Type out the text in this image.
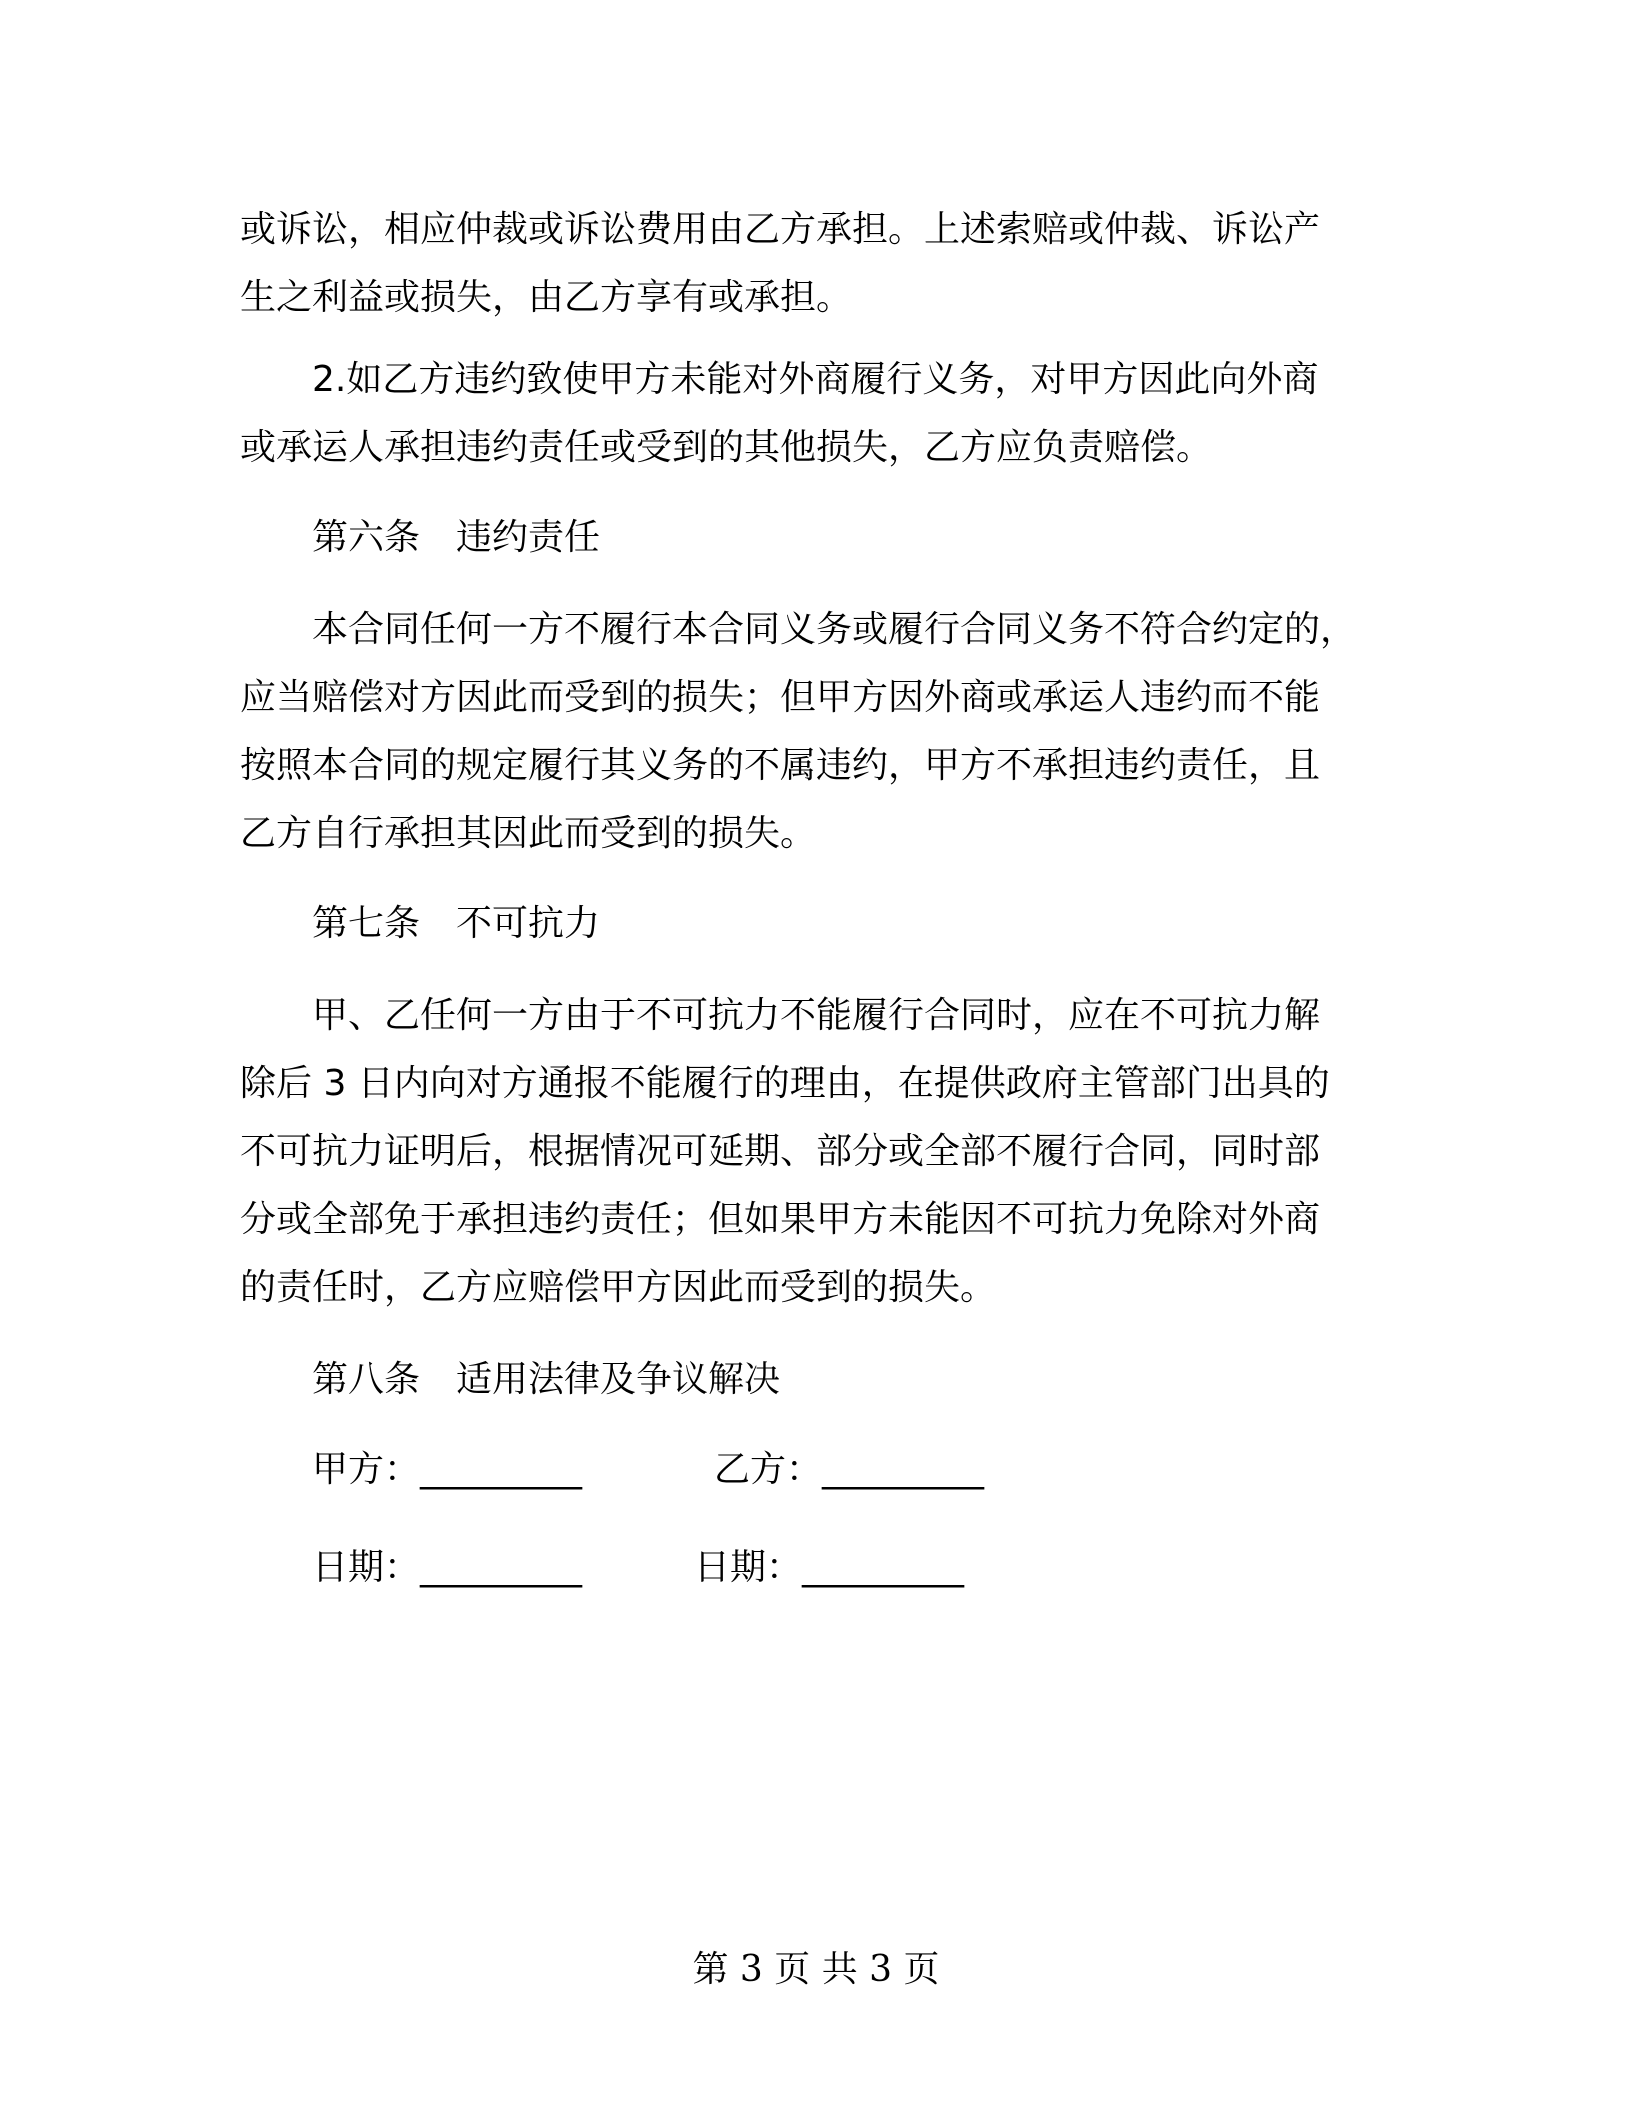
或诉讼，相应仲裁或诉讼费用由乙方承担。上述索赔或仲裁、诉讼产
生之利益或损失，由乙方享有或承担。
　　2.如乙方违约致使甲方未能对外商履行义务，对甲方因此向外商
或承运人承担违约责任或受到的其他损失，乙方应负责赔偿。
　　第六条　违约责任
　　本合同任何一方不履行本合同义务或履行合同义务不符合约定的，
应当赔偿对方因此而受到的损失；但甲方因外商或承运人违约而不能
按照本合同的规定履行其义务的不属违约，甲方不承担违约责任，且
乙方自行承担其因此而受到的损失。
　　第七条　不可抗力
　　甲、乙任何一方由于不可抗力不能履行合同时，应在不可抗力解
除后 3 日内向对方通报不能履行的理由，在提供政府主管部门出具的
不可抗力证明后，根据情况可延期、部分或全部不履行合同，同时部
分或全部免于承担违约责任；但如果甲方未能因不可抗力免除对外商
的责任时，乙方应赔偿甲方因此而受到的损失。
　　第八条　适用法律及争议解决
甲方：_________	乙方：_________
日期：_________	日期：_________
第 3 页 共 3 页
